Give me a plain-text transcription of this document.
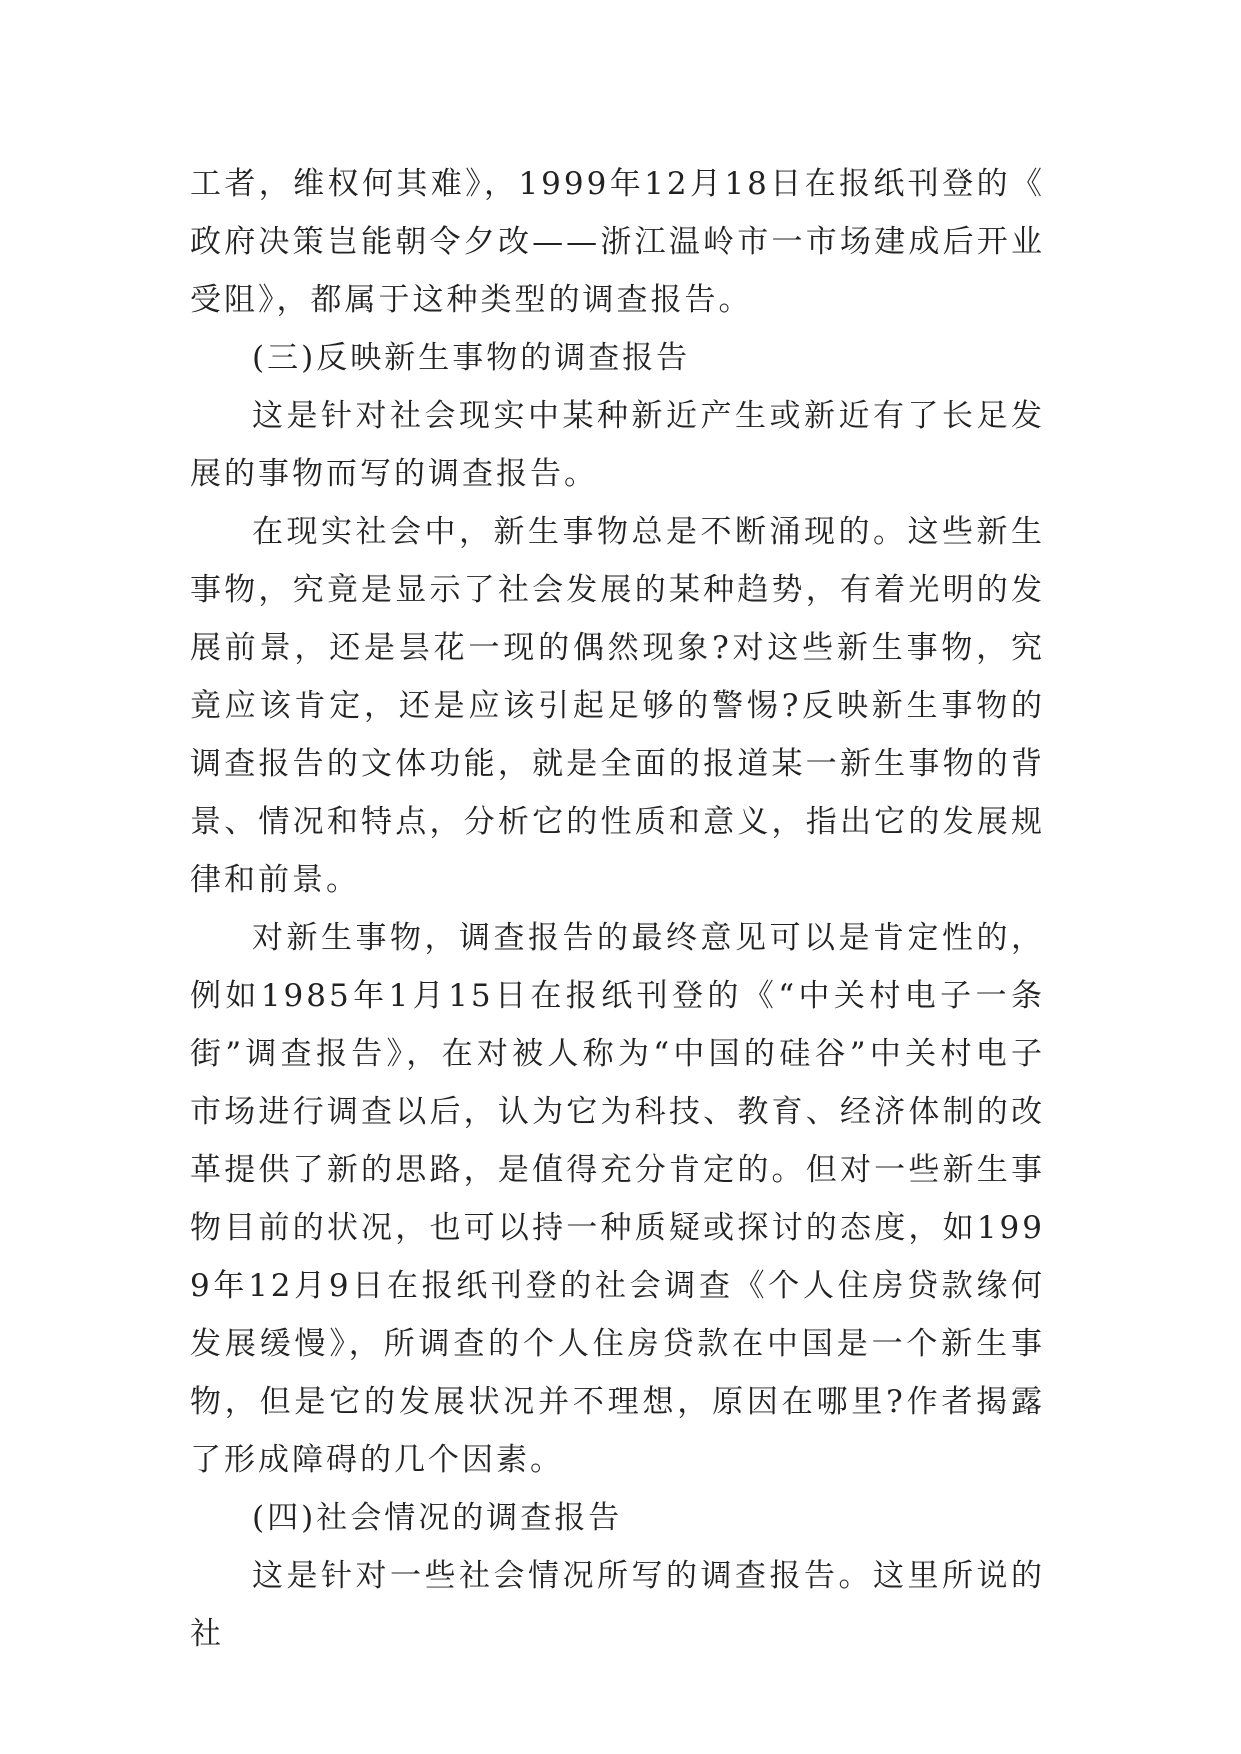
工者，维权何其难》，1999年12月18日在报纸刊登的《政府决策岂能朝令夕改——浙江温岭市一市场建成后开业受阻》，都属于这种类型的调查报告。

(三)反映新生事物的调查报告

这是针对社会现实中某种新近产生或新近有了长足发展的事物而写的调查报告。

在现实社会中，新生事物总是不断涌现的。这些新生事物，究竟是显示了社会发展的某种趋势，有着光明的发展前景，还是昙花一现的偶然现象?对这些新生事物，究竟应该肯定，还是应该引起足够的警惕?反映新生事物的调查报告的文体功能，就是全面的报道某一新生事物的背景、情况和特点，分析它的性质和意义，指出它的发展规律和前景。

对新生事物，调查报告的最终意见可以是肯定性的，例如1985年1月15日在报纸刊登的《“中关村电子一条街”调查报告》，在对被人称为“中国的硅谷”中关村电子市场进行调查以后，认为它为科技、教育、经济体制的改革提供了新的思路，是值得充分肯定的。但对一些新生事物目前的状况，也可以持一种质疑或探讨的态度，如1999年12月9日在报纸刊登的社会调查《个人住房贷款缘何发展缓慢》，所调查的个人住房贷款在中国是一个新生事物，但是它的发展状况并不理想，原因在哪里?作者揭露了形成障碍的几个因素。

(四)社会情况的调查报告

这是针对一些社会情况所写的调查报告。这里所说的社
